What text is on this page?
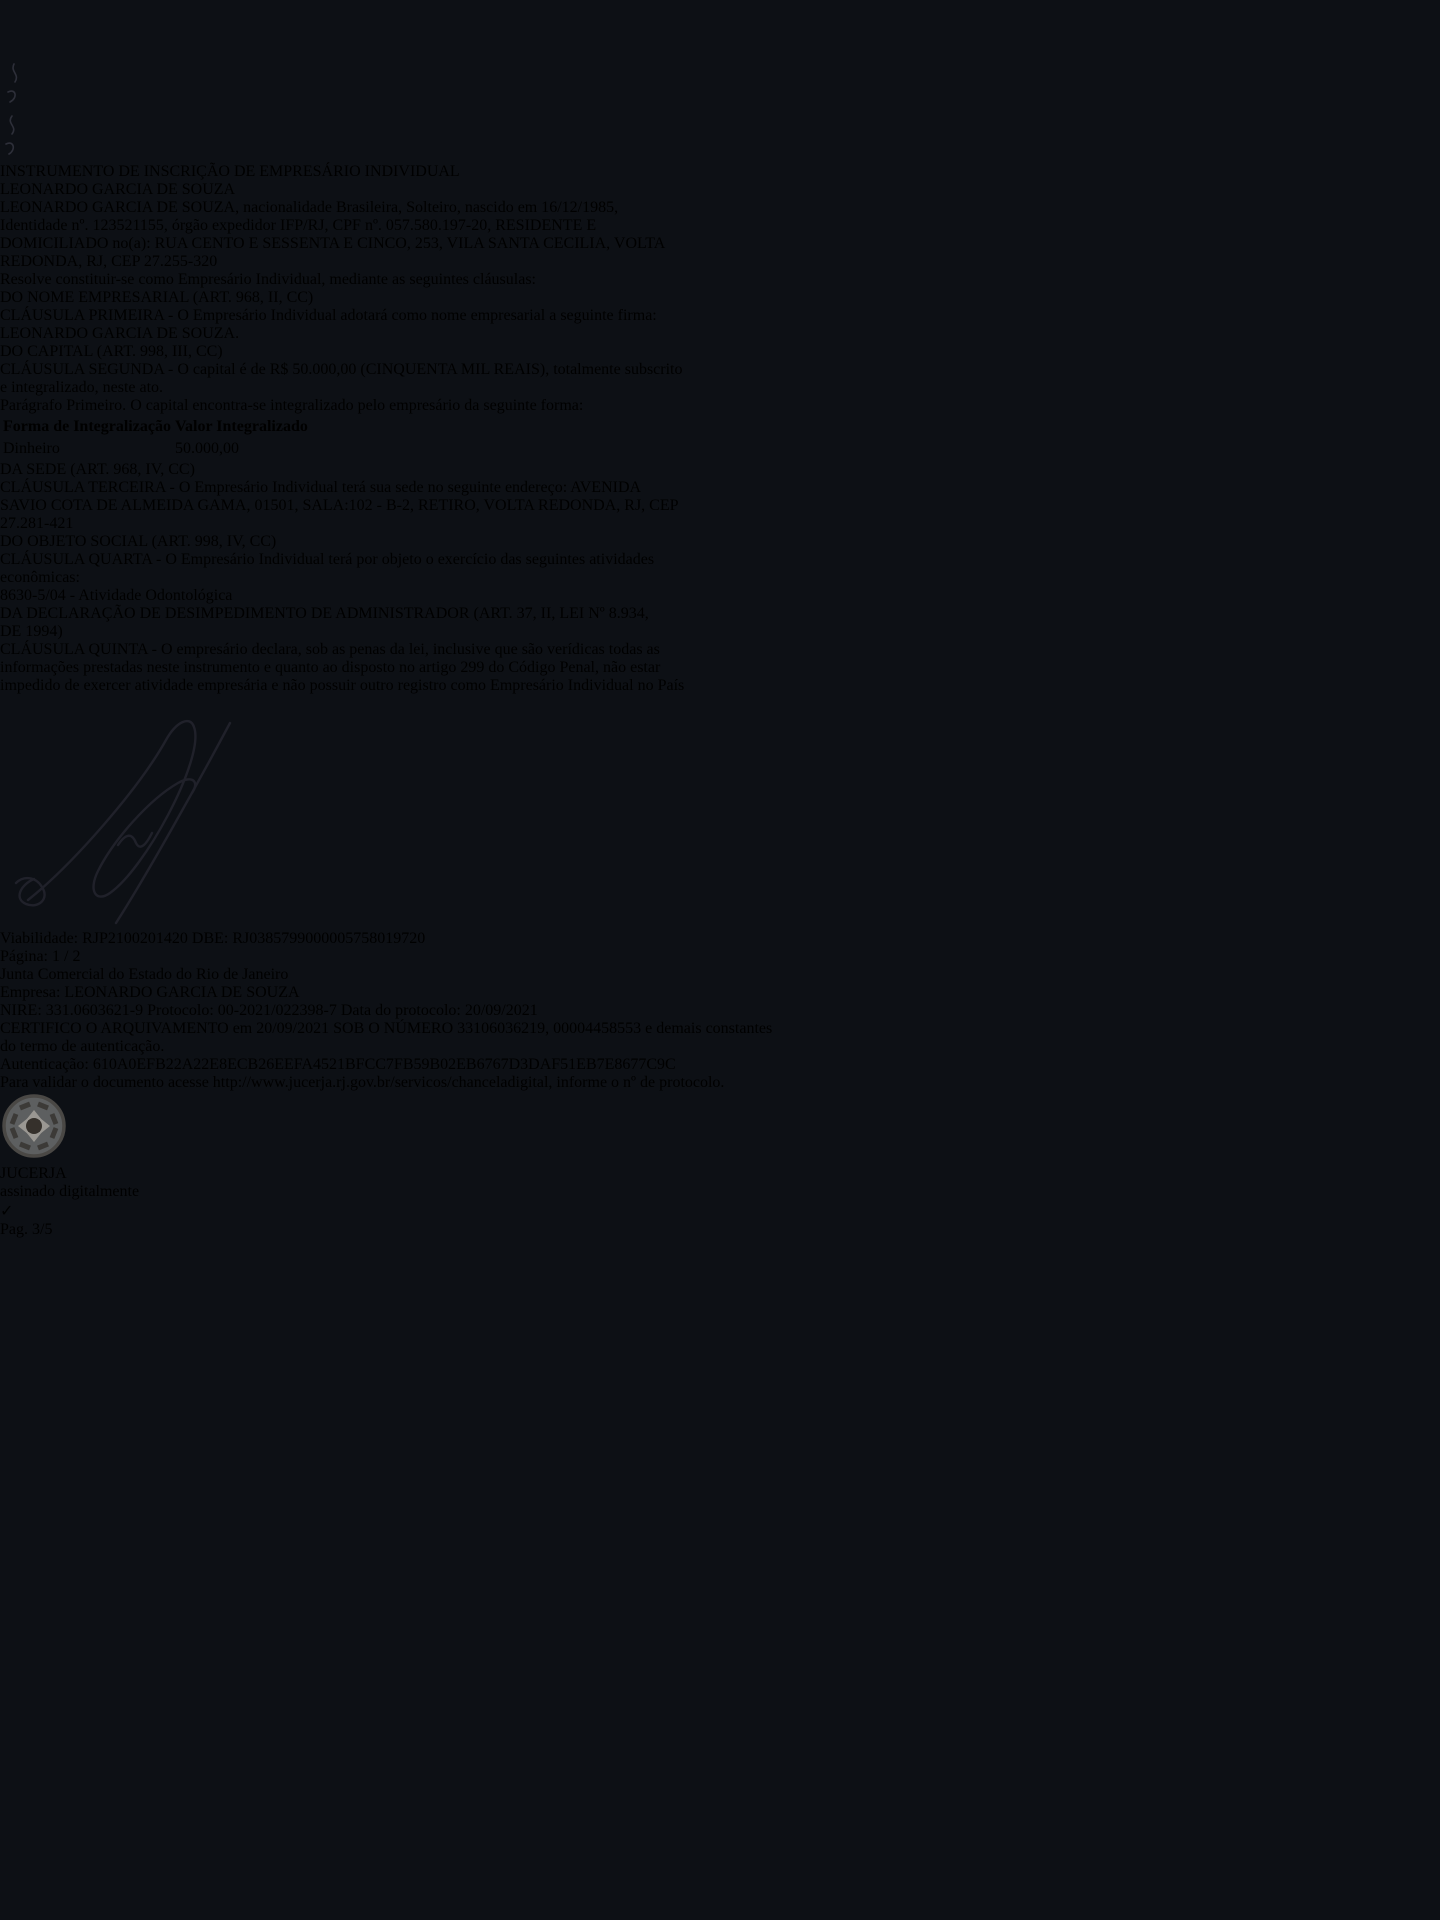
INSTRUMENTO DE INSCRIÇÃO DE EMPRESÁRIO INDIVIDUAL
LEONARDO GARCIA DE SOUZA
LEONARDO GARCIA DE SOUZA, nacionalidade Brasileira, Solteiro, nascido em 16/12/1985,
Identidade nº. 123521155, órgão expedidor IFP/RJ, CPF nº. 057.580.197-20, RESIDENTE E
DOMICILIADO no(a): RUA CENTO E SESSENTA E CINCO, 253, VILA SANTA CECILIA, VOLTA
REDONDA, RJ, CEP 27.255-320
Resolve constituir-se como Empresário Individual, mediante as seguintes cláusulas:
DO NOME EMPRESARIAL (ART. 968, II, CC)
CLÁUSULA PRIMEIRA - O Empresário Individual adotará como nome empresarial a seguinte firma:
LEONARDO GARCIA DE SOUZA.
DO CAPITAL (ART. 998, III, CC)
CLÁUSULA SEGUNDA - O capital é de R$ 50.000,00 (CINQUENTA MIL REAIS), totalmente subscrito
e integralizado, neste ato.
Parágrafo Primeiro. O capital encontra-se integralizado pelo empresário da seguinte forma:
Forma de Integralização	Valor Integralizado
Dinheiro	50.000,00
DA SEDE (ART. 968, IV, CC)
CLÁUSULA TERCEIRA - O Empresário Individual terá sua sede no seguinte endereço: AVENIDA
SAVIO COTA DE ALMEIDA GAMA, 01501, SALA:102 - B-2, RETIRO, VOLTA REDONDA, RJ, CEP
27.281-421
DO OBJETO SOCIAL (ART. 998, IV, CC)
CLÁUSULA QUARTA - O Empresário Individual terá por objeto o exercício das seguintes atividades
econômicas:
8630-5/04 - Atividade Odontológica
DA DECLARAÇÃO DE DESIMPEDIMENTO DE ADMINISTRADOR (ART. 37, II, LEI Nº 8.934,
DE 1994)
CLÁUSULA QUINTA - O empresário declara, sob as penas da lei, inclusive que são verídicas todas as
informações prestadas neste instrumento e quanto ao disposto no artigo 299 do Código Penal, não estar
impedido de exercer atividade empresária e não possuir outro registro como Empresário Individual no País
Viabilidade: RJP2100201420 DBE: RJ0385799000005758019720
Página: 1 / 2
Junta Comercial do Estado do Rio de Janeiro
Empresa: LEONARDO GARCIA DE SOUZA
NIRE: 331.0603621-9 Protocolo: 00-2021/022398-7 Data do protocolo: 20/09/2021
CERTIFICO O ARQUIVAMENTO em 20/09/2021 SOB O NÚMERO 33106036219, 00004458553 e demais constantes
do termo de autenticação.
Autenticação: 610A0EFB22A22E8ECB26EEFA4521BFCC7FB59B02EB6767D3DAF51EB7E8677C9C
Para validar o documento acesse http://www.jucerja.rj.gov.br/servicos/chanceladigital, informe o nº de protocolo.
JUCERJA
assinado digitalmente
✓
Pag. 3/5
